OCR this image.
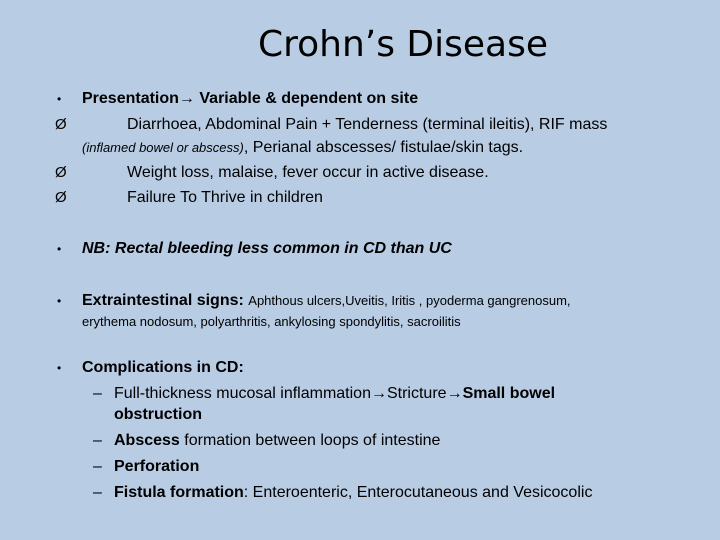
Crohn’s Disease
• Presentation→ Variable & dependent on site
Ø	Diarrhoea, Abdominal Pain + Tenderness (terminal ileitis), RIF mass
(inflamed bowel or abscess), Perianal abscesses/ fistulae/skin tags.
Ø	Weight loss, malaise, fever occur in active disease.
Ø	Failure To Thrive in children
• NB: Rectal bleeding less common in CD than UC
• Extraintestinal signs: Aphthous ulcers,Uveitis, Iritis , pyoderma gangrenosum,
erythema nodosum, polyarthritis, ankylosing spondylitis, sacroilitis
• Complications in CD:
– Full-thickness mucosal inflammation→Stricture→Small bowel
obstruction
– Abscess formation between loops of intestine
– Perforation
– Fistula formation: Enteroenteric, Enterocutaneous and Vesicocolic
